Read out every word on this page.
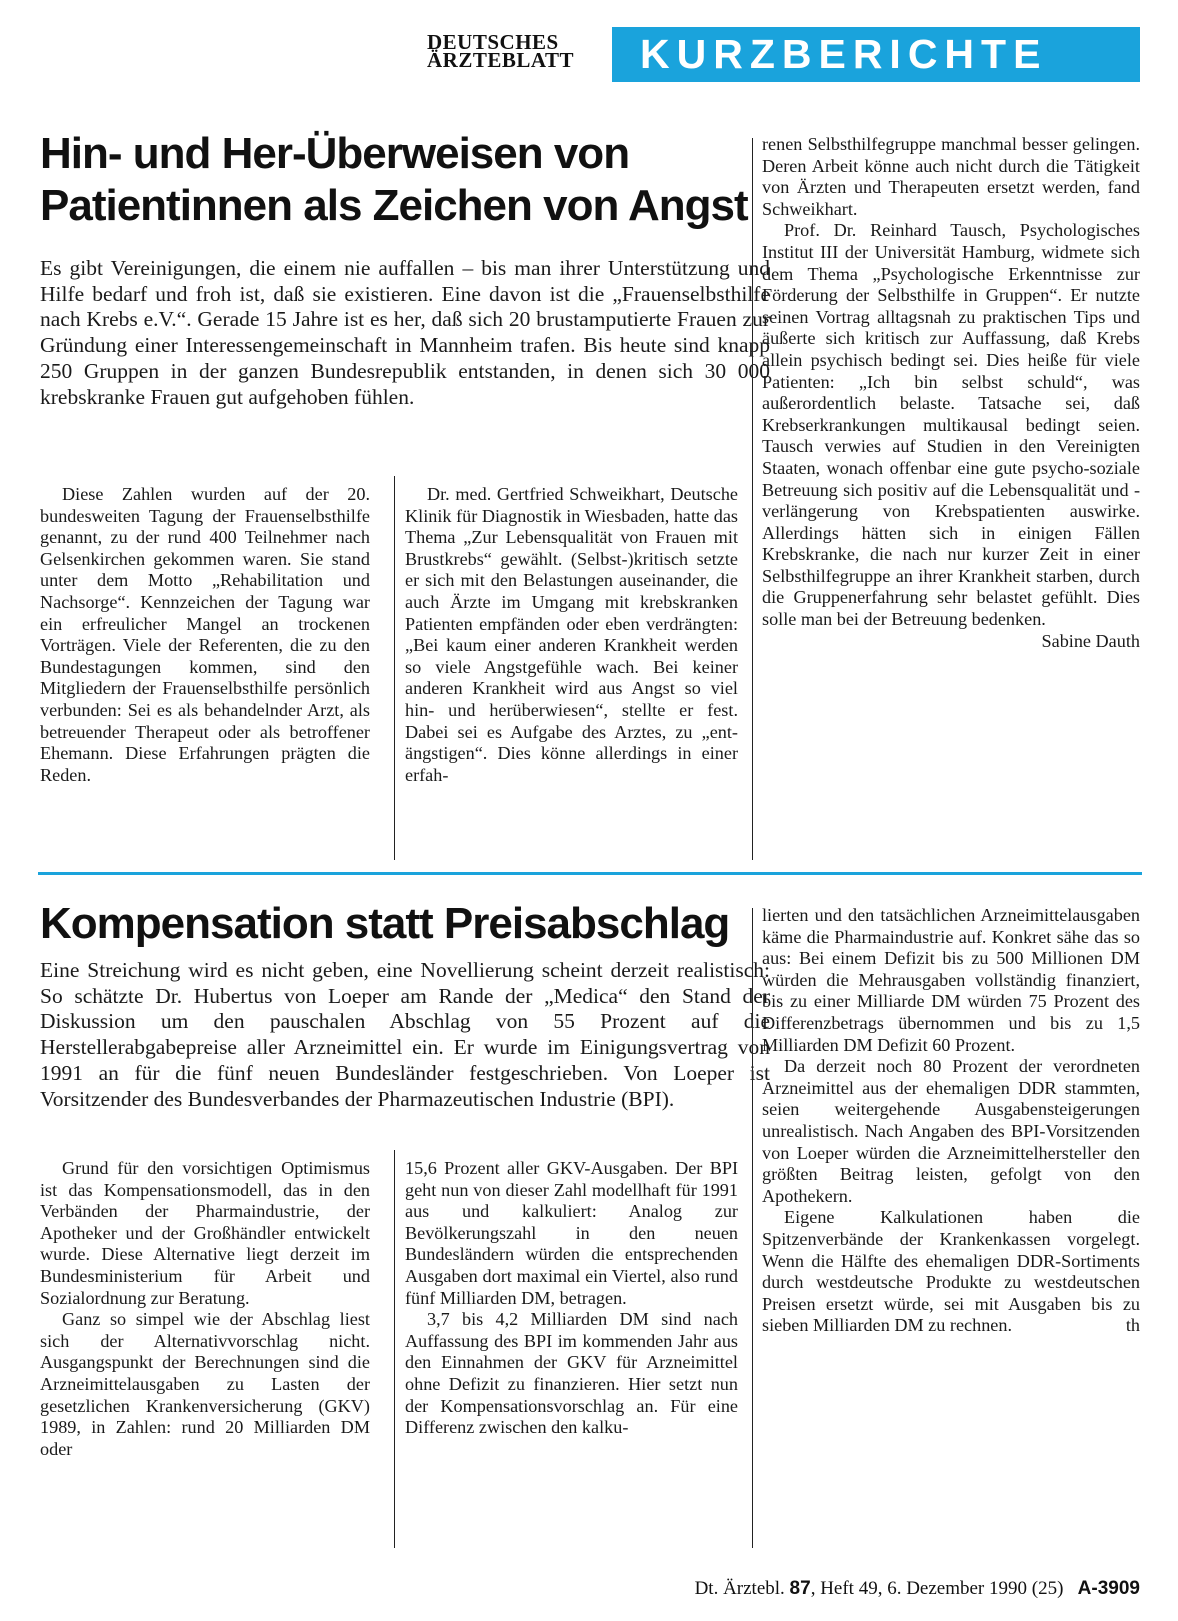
DEUTSCHES
ÄRZTEBLATT	KURZBERICHTE
Hin- und Her-Überweisen von
Patientinnen als Zeichen von Angst

Es gibt Vereinigungen, die einem nie auffallen – bis man ihrer Unterstützung und Hilfe bedarf und froh ist, daß sie existieren. Eine davon ist die „Frauenselbsthilfe nach Krebs e.V.“. Gerade 15 Jahre ist es her, daß sich 20 brustamputierte Frauen zur Gründung einer Interessengemeinschaft in Mannheim trafen. Bis heute sind knapp 250 Gruppen in der ganzen Bundesrepublik entstanden, in denen sich 30 000 krebskranke Frauen gut aufgehoben fühlen.

Diese Zahlen wurden auf der 20. bundesweiten Tagung der Frauenselbsthilfe genannt, zu der rund 400 Teilnehmer nach Gelsenkirchen gekommen waren. Sie stand unter dem Motto „Rehabilitation und Nachsorge“. Kennzeichen der Tagung war ein erfreulicher Mangel an trockenen Vorträgen. Viele der Referenten, die zu den Bundestagungen kommen, sind den Mitgliedern der Frauenselbsthilfe persönlich verbunden: Sei es als behandelnder Arzt, als betreuender Therapeut oder als betroffener Ehemann. Diese Erfahrungen prägten die Reden.

Dr. med. Gertfried Schweikhart, Deutsche Klinik für Diagnostik in Wiesbaden, hatte das Thema „Zur Lebensqualität von Frauen mit Brustkrebs“ gewählt. (Selbst-)kritisch setzte er sich mit den Belastungen auseinander, die auch Ärzte im Umgang mit krebskranken Patienten empfänden oder eben verdrängten: „Bei kaum einer anderen Krankheit werden so viele Angstgefühle wach. Bei keiner anderen Krankheit wird aus Angst so viel hin- und herüberwiesen“, stellte er fest. Dabei sei es Aufgabe des Arztes, zu „ent-ängstigen“. Dies könne allerdings in einer erfah-

renen Selbsthilfegruppe manchmal besser gelingen. Deren Arbeit könne auch nicht durch die Tätigkeit von Ärzten und Therapeuten ersetzt werden, fand Schweikhart.

Prof. Dr. Reinhard Tausch, Psychologisches Institut III der Universität Hamburg, widmete sich dem Thema „Psychologische Erkenntnisse zur Förderung der Selbsthilfe in Gruppen“. Er nutzte seinen Vortrag alltagsnah zu praktischen Tips und äußerte sich kritisch zur Auffassung, daß Krebs allein psychisch bedingt sei. Dies heiße für viele Patienten: „Ich bin selbst schuld“, was außerordentlich belaste. Tatsache sei, daß Krebserkrankungen multikausal bedingt seien. Tausch verwies auf Studien in den Vereinigten Staaten, wonach offenbar eine gute psycho-soziale Betreuung sich positiv auf die Lebensqualität und -verlängerung von Krebspatienten auswirke. Allerdings hätten sich in einigen Fällen Krebskranke, die nach nur kurzer Zeit in einer Selbsthilfegruppe an ihrer Krankheit starben, durch die Gruppenerfahrung sehr belastet gefühlt. Dies solle man bei der Betreuung bedenken.
Sabine Dauth

Kompensation statt Preisabschlag

Eine Streichung wird es nicht geben, eine Novellierung scheint derzeit realistisch: So schätzte Dr. Hubertus von Loeper am Rande der „Medica“ den Stand der Diskussion um den pauschalen Abschlag von 55 Prozent auf die Herstellerabgabepreise aller Arzneimittel ein. Er wurde im Einigungsvertrag von 1991 an für die fünf neuen Bundesländer festgeschrieben. Von Loeper ist Vorsitzender des Bundesverbandes der Pharmazeutischen Industrie (BPI).

Grund für den vorsichtigen Optimismus ist das Kompensationsmodell, das in den Verbänden der Pharmaindustrie, der Apotheker und der Großhändler entwickelt wurde. Diese Alternative liegt derzeit im Bundesministerium für Arbeit und Sozialordnung zur Beratung.

Ganz so simpel wie der Abschlag liest sich der Alternativvorschlag nicht. Ausgangspunkt der Berechnungen sind die Arzneimittelausgaben zu Lasten der gesetzlichen Krankenversicherung (GKV) 1989, in Zahlen: rund 20 Milliarden DM oder

15,6 Prozent aller GKV-Ausgaben. Der BPI geht nun von dieser Zahl modellhaft für 1991 aus und kalkuliert: Analog zur Bevölkerungszahl in den neuen Bundesländern würden die entsprechenden Ausgaben dort maximal ein Viertel, also rund fünf Milliarden DM, betragen.

3,7 bis 4,2 Milliarden DM sind nach Auffassung des BPI im kommenden Jahr aus den Einnahmen der GKV für Arzneimittel ohne Defizit zu finanzieren. Hier setzt nun der Kompensationsvorschlag an. Für eine Differenz zwischen den kalku-

lierten und den tatsächlichen Arzneimittelausgaben käme die Pharmaindustrie auf. Konkret sähe das so aus: Bei einem Defizit bis zu 500 Millionen DM würden die Mehrausgaben vollständig finanziert, bis zu einer Milliarde DM würden 75 Prozent des Differenzbetrags übernommen und bis zu 1,5 Milliarden DM Defizit 60 Prozent.

Da derzeit noch 80 Prozent der verordneten Arzneimittel aus der ehemaligen DDR stammten, seien weitergehende Ausgabensteigerungen unrealistisch. Nach Angaben des BPI-Vorsitzenden von Loeper würden die Arzneimittelhersteller den größten Beitrag leisten, gefolgt von den Apothekern.

Eigene Kalkulationen haben die Spitzenverbände der Krankenkassen vorgelegt. Wenn die Hälfte des ehemaligen DDR-Sortiments durch westdeutsche Produkte zu westdeutschen Preisen ersetzt würde, sei mit Ausgaben bis zu sieben Milliarden DM zu rechnen.	th

Dt. Ärztebl. 87, Heft 49, 6. Dezember 1990 (25) A-3909
